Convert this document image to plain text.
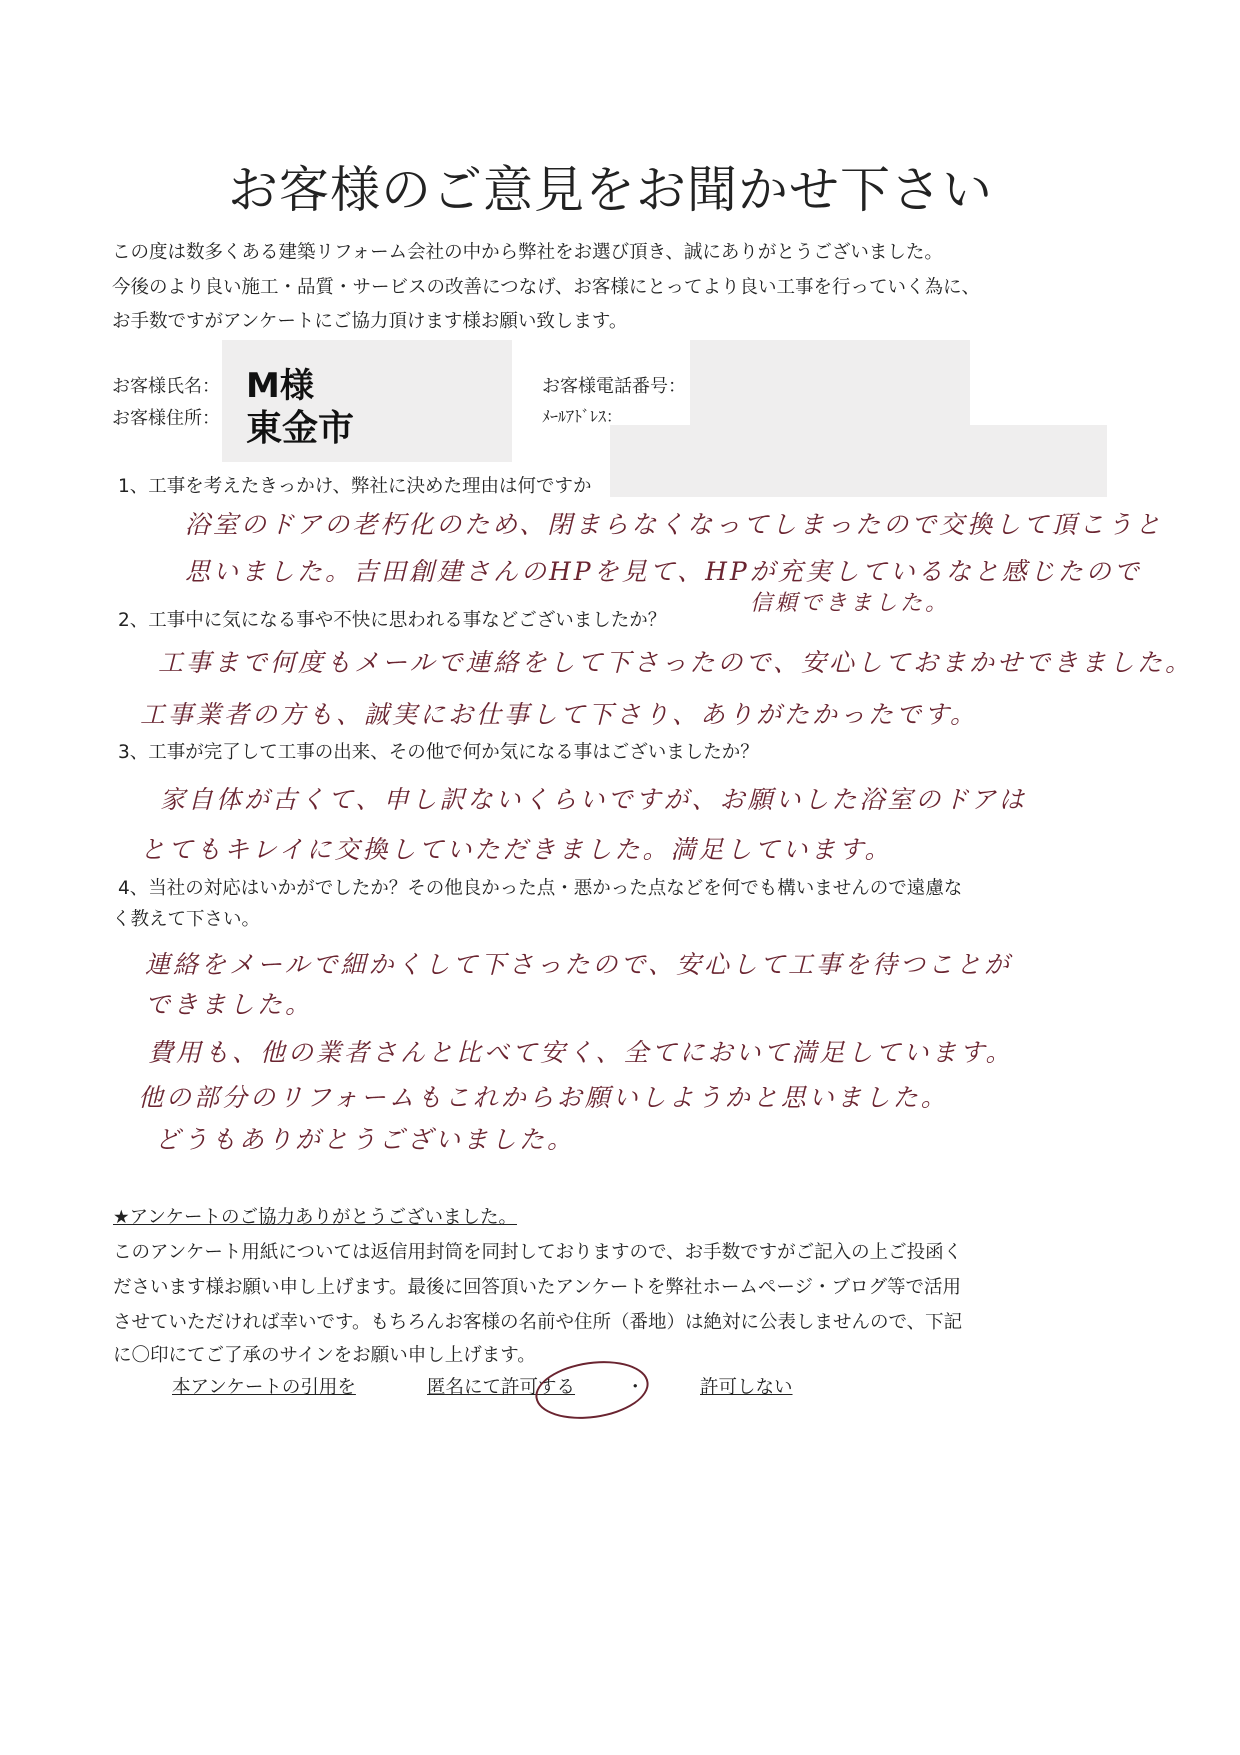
お客様のご意見をお聞かせ下さい
この度は数多くある建築リフォーム会社の中から弊社をお選び頂き、誠にありがとうございました。
今後のより良い施工・品質・サービスの改善につなげ、お客様にとってより良い工事を行っていく為に、
お手数ですがアンケートにご協力頂けます様お願い致します。
お客様氏名： M様
お客様住所： 東金市
お客様電話番号：
ﾒｰﾙｱﾄﾞﾚｽ：
1、工事を考えたきっかけ、弊社に決めた理由は何ですか
浴室のドアの老朽化のため、閉まらなくなってしまったので交換して頂こうと
思いました。吉田創建さんのHPを見て、HPが充実しているなと感じたので
信頼できました。
2、工事中に気になる事や不快に思われる事などございましたか？
工事まで何度もメールで連絡をして下さったので、安心しておまかせできました。
工事業者の方も、誠実にお仕事して下さり、ありがたかったです。
3、工事が完了して工事の出来、その他で何か気になる事はございましたか？
家自体が古くて、申し訳ないくらいですが、お願いした浴室のドアは
とてもキレイに交換していただきました。満足しています。
4、当社の対応はいかがでしたか？その他良かった点・悪かった点などを何でも構いませんので遠慮な
く教えて下さい。
連絡をメールで細かくして下さったので、安心して工事を待つことが
できました。
費用も、他の業者さんと比べて安く、全てにおいて満足しています。
他の部分のリフォームもこれからお願いしようかと思いました。
どうもありがとうございました。
★アンケートのご協力ありがとうございました。
このアンケート用紙については返信用封筒を同封しておりますので、お手数ですがご記入の上ご投函く
ださいます様お願い申し上げます。最後に回答頂いたアンケートを弊社ホームページ・ブログ等で活用
させていただければ幸いです。もちろんお客様の名前や住所（番地）は絶対に公表しませんので、下記
に〇印にてご了承のサインをお願い申し上げます。
本アンケートの引用を	匿名にて許可する	・	許可しない
